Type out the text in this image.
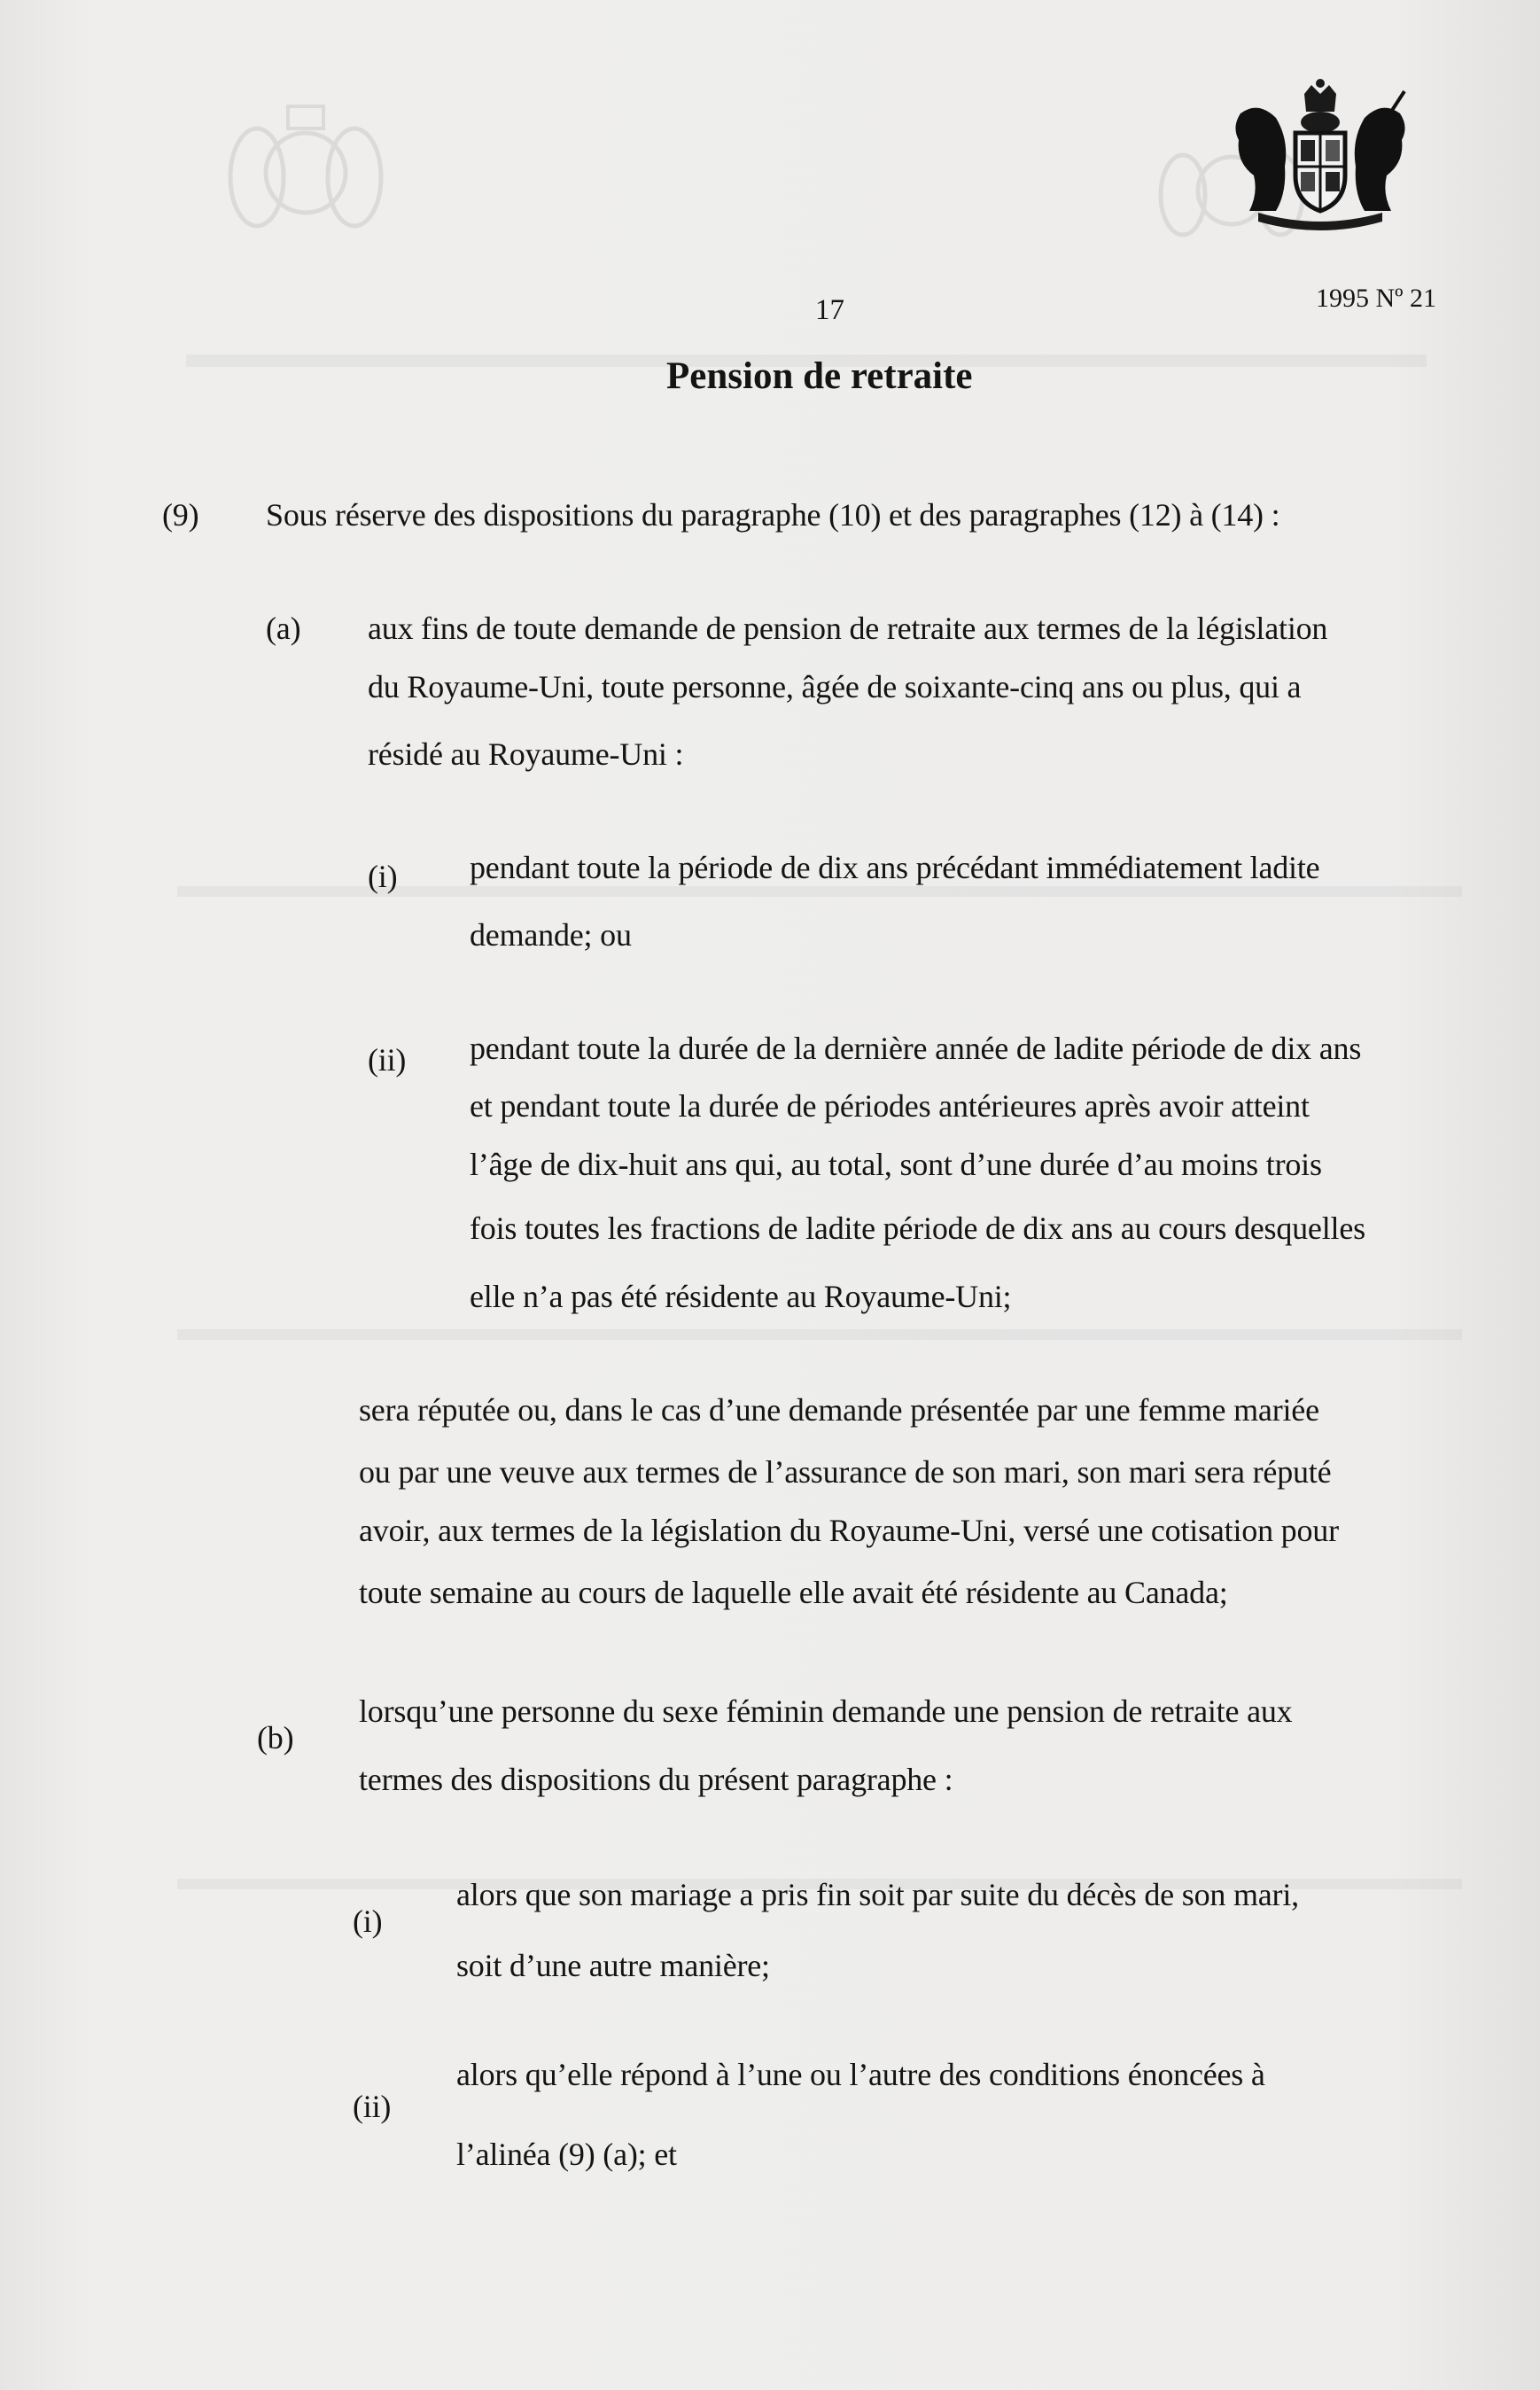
17	1995 Nº 21
Pension de retraite
(9) Sous réserve des dispositions du paragraphe (10) et des paragraphes (12) à (14) :
(a) aux fins de toute demande de pension de retraite aux termes de la législation
du Royaume-Uni, toute personne, âgée de soixante-cinq ans ou plus, qui a
résidé au Royaume-Uni :
(i) pendant toute la période de dix ans précédant immédiatement ladite
demande; ou
(ii) pendant toute la durée de la dernière année de ladite période de dix ans
et pendant toute la durée de périodes antérieures après avoir atteint
l’âge de dix-huit ans qui, au total, sont d’une durée d’au moins trois
fois toutes les fractions de ladite période de dix ans au cours desquelles
elle n’a pas été résidente au Royaume-Uni;
sera réputée ou, dans le cas d’une demande présentée par une femme mariée
ou par une veuve aux termes de l’assurance de son mari, son mari sera réputé
avoir, aux termes de la législation du Royaume-Uni, versé une cotisation pour
toute semaine au cours de laquelle elle avait été résidente au Canada;
(b)
lorsqu’une personne du sexe féminin demande une pension de retraite aux
termes des dispositions du présent paragraphe :
(i)
alors que son mariage a pris fin soit par suite du décès de son mari,
soit d’une autre manière;
(ii)
alors qu’elle répond à l’une ou l’autre des conditions énoncées à
l’alinéa (9) (a); et
